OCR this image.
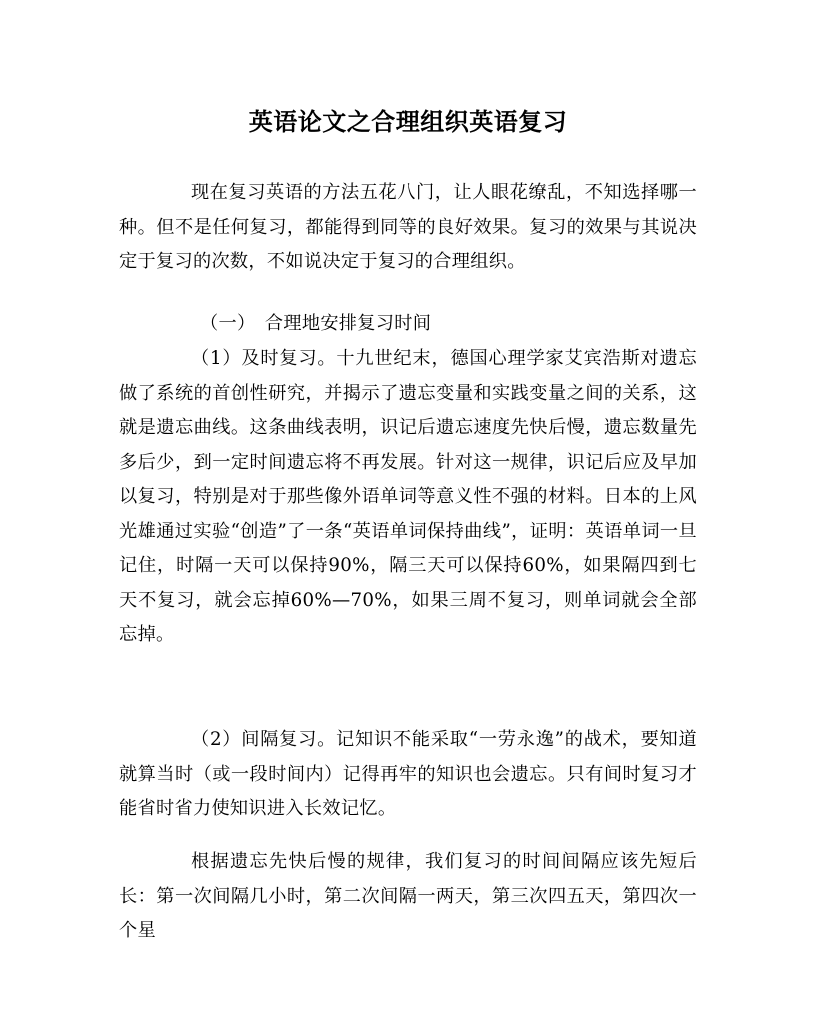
英语论文之合理组织英语复习
现在复习英语的方法五花八门，让人眼花缭乱，不知选择哪一种。但不是任何复习，都能得到同等的良好效果。复习的效果与其说决定于复习的次数，不如说决定于复习的合理组织。
（一）　合理地安排复习时间
（1）及时复习。十九世纪末，德国心理学家艾宾浩斯对遗忘做了系统的首创性研究，并揭示了遗忘变量和实践变量之间的关系，这就是遗忘曲线。这条曲线表明，识记后遗忘速度先快后慢，遗忘数量先多后少，到一定时间遗忘将不再发展。针对这一规律，识记后应及早加以复习，特别是对于那些像外语单词等意义性不强的材料。日本的上风光雄通过实验“创造”了一条“英语单词保持曲线”，证明：英语单词一旦记住，时隔一天可以保持90%，隔三天可以保持60%，如果隔四到七天不复习，就会忘掉60%—70%，如果三周不复习，则单词就会全部忘掉。
（2）间隔复习。记知识不能采取“一劳永逸”的战术，要知道就算当时（或一段时间内）记得再牢的知识也会遗忘。只有间时复习才能省时省力使知识进入长效记忆。
根据遗忘先快后慢的规律，我们复习的时间间隔应该先短后长：第一次间隔几小时，第二次间隔一两天，第三次四五天，第四次一个星
